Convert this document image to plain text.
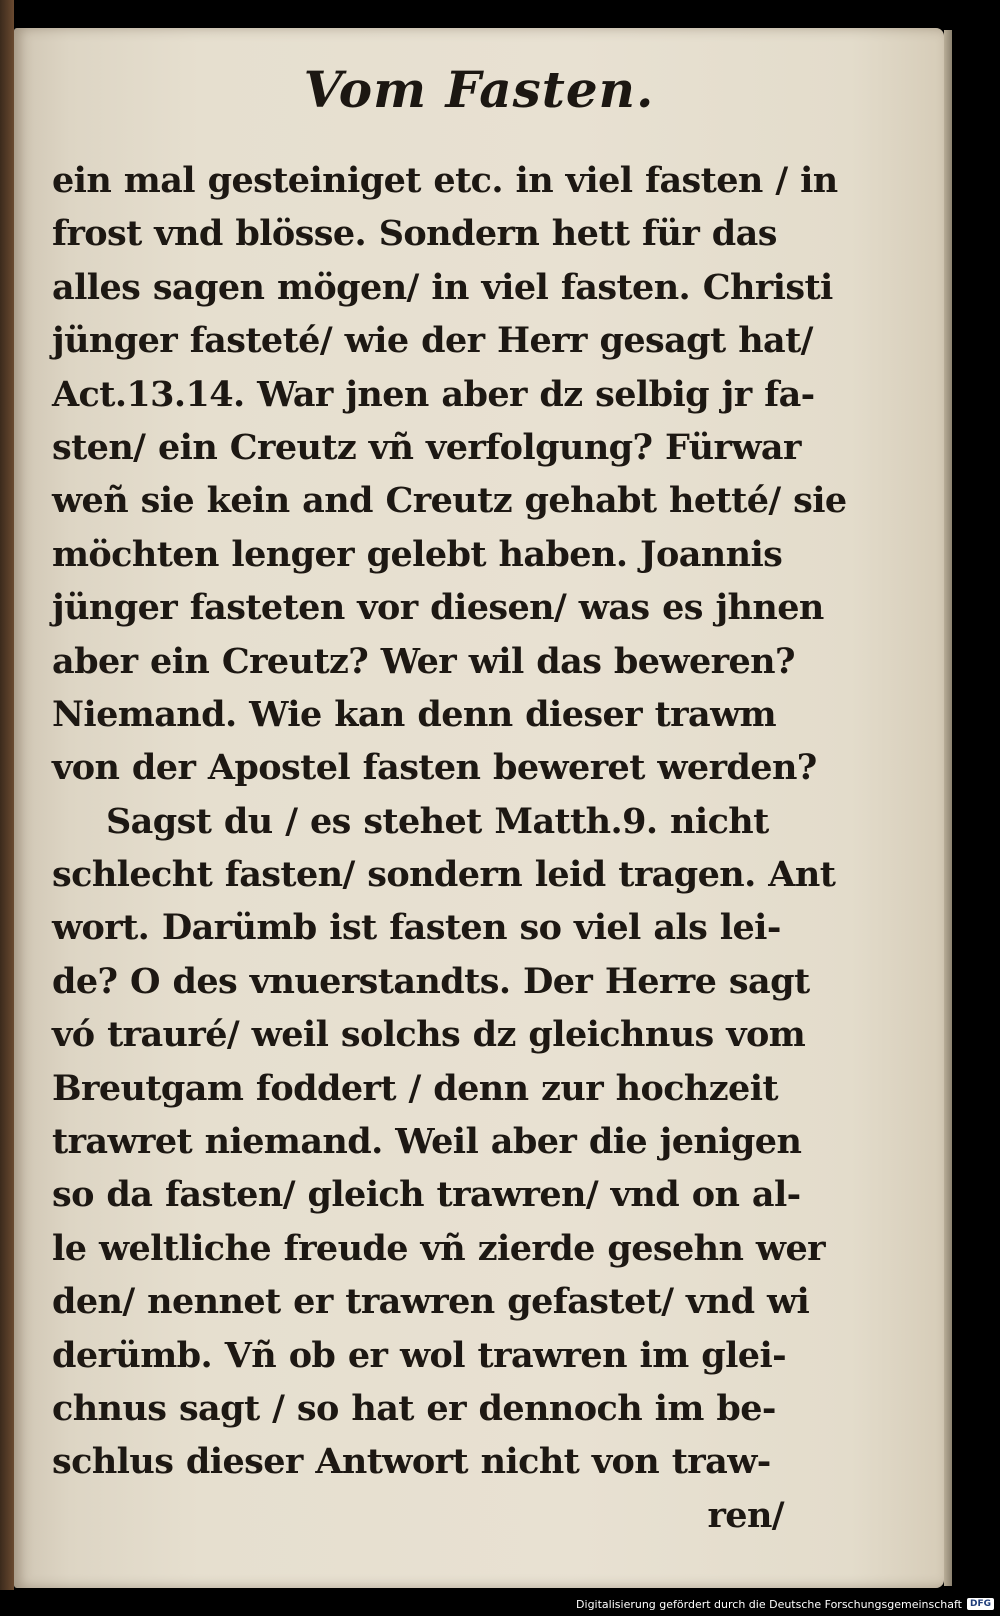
Vom Fasten.
ein mal gesteiniget etc. in viel fasten / in
frost vnd blösse. Sondern hett für das
alles sagen mögen/ in viel fasten. Christi
jünger fasteté/ wie der Herr gesagt hat/
Act.13.14. War jnen aber dz selbig jr fa-
sten/ ein Creutz vñ verfolgung? Fürwar
weñ sie kein and Creutz gehabt hetté/ sie
möchten lenger gelebt haben. Joannis
jünger fasteten vor diesen/ was es jhnen
aber ein Creutz? Wer wil das beweren?
Niemand. Wie kan denn dieser trawm
von der Apostel fasten beweret werden?
Sagst du / es stehet Matth.9. nicht
schlecht fasten/ sondern leid tragen. Ant
wort. Darümb ist fasten so viel als lei-
de? O des vnuerstandts. Der Herre sagt
vó trauré/ weil solchs dz gleichnus vom
Breutgam foddert / denn zur hochzeit
trawret niemand. Weil aber die jenigen
so da fasten/ gleich trawren/ vnd on al-
le weltliche freude vñ zierde gesehn wer
den/ nennet er trawren gefastet/ vnd wi
derümb. Vñ ob er wol trawren im glei-
chnus sagt / so hat er dennoch im be-
schlus dieser Antwort nicht von traw-
ren/
Digitalisierung gefördert durch die Deutsche Forschungsgemeinschaft DFG
